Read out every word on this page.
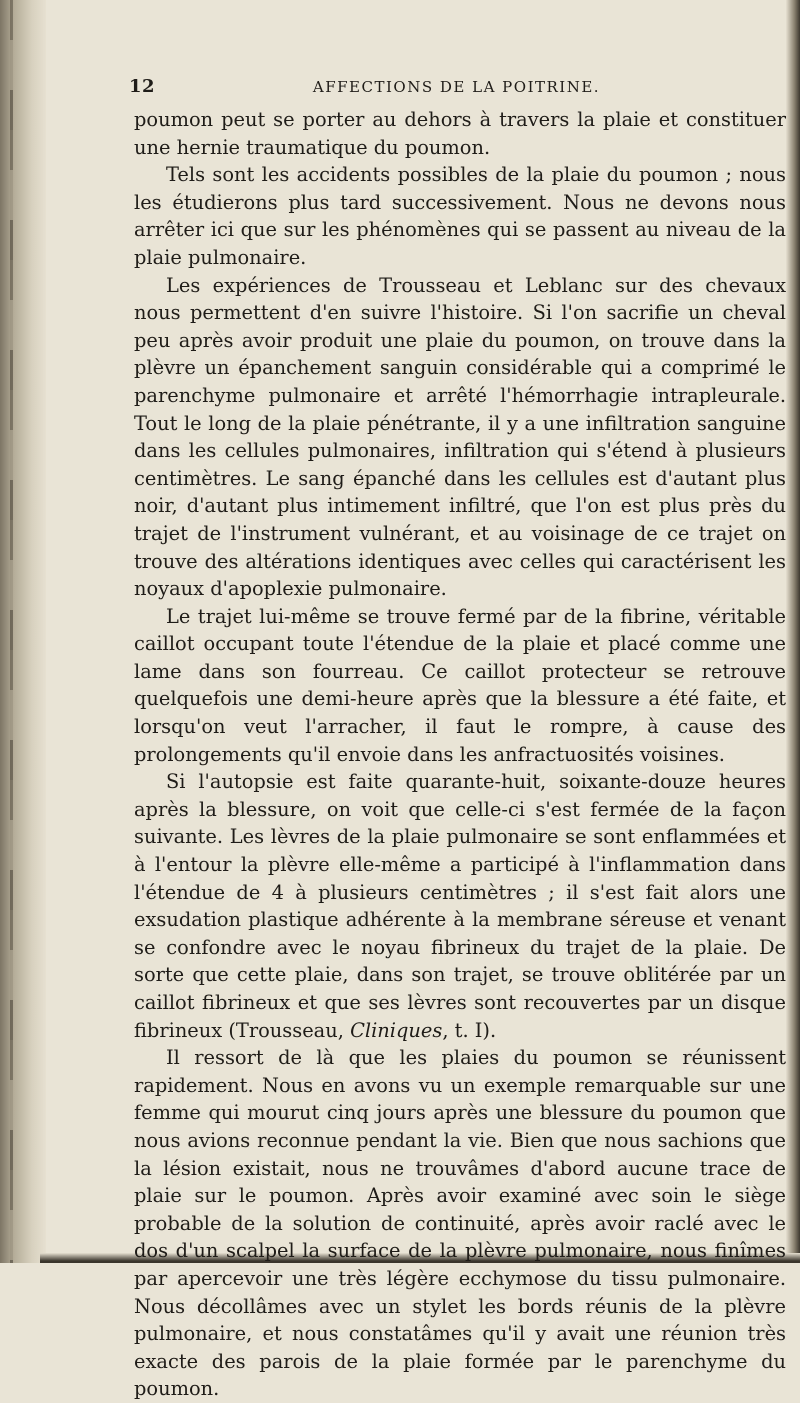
12	AFFECTIONS DE LA POITRINE.

poumon peut se porter au dehors à travers la plaie et constituer une hernie traumatique du poumon.

Tels sont les accidents possibles de la plaie du poumon ; nous les étudierons plus tard successivement. Nous ne devons nous arrêter ici que sur les phénomènes qui se passent au niveau de la plaie pulmonaire.

Les expériences de Trousseau et Leblanc sur des chevaux nous permettent d'en suivre l'histoire. Si l'on sacrifie un cheval peu après avoir produit une plaie du poumon, on trouve dans la plèvre un épanchement sanguin considérable qui a comprimé le parenchyme pulmonaire et arrêté l'hémorrhagie intrapleurale. Tout le long de la plaie pénétrante, il y a une infiltration sanguine dans les cellules pulmonaires, infiltration qui s'étend à plusieurs centimètres. Le sang épanché dans les cellules est d'autant plus noir, d'autant plus intimement infiltré, que l'on est plus près du trajet de l'instrument vulnérant, et au voisinage de ce trajet on trouve des altérations identiques avec celles qui caractérisent les noyaux d'apoplexie pulmonaire.

Le trajet lui-même se trouve fermé par de la fibrine, véritable caillot occupant toute l'étendue de la plaie et placé comme une lame dans son fourreau. Ce caillot protecteur se retrouve quelquefois une demi-heure après que la blessure a été faite, et lorsqu'on veut l'arracher, il faut le rompre, à cause des prolongements qu'il envoie dans les anfractuosités voisines.

Si l'autopsie est faite quarante-huit, soixante-douze heures après la blessure, on voit que celle-ci s'est fermée de la façon suivante. Les lèvres de la plaie pulmonaire se sont enflammées et à l'entour la plèvre elle-même a participé à l'inflammation dans l'étendue de 4 à plusieurs centimètres ; il s'est fait alors une exsudation plastique adhérente à la membrane séreuse et venant se confondre avec le noyau fibrineux du trajet de la plaie. De sorte que cette plaie, dans son trajet, se trouve oblitérée par un caillot fibrineux et que ses lèvres sont recouvertes par un disque fibrineux (Trousseau, Cliniques, t. I).

Il ressort de là que les plaies du poumon se réunissent rapidement. Nous en avons vu un exemple remarquable sur une femme qui mourut cinq jours après une blessure du poumon que nous avions reconnue pendant la vie. Bien que nous sachions que la lésion existait, nous ne trouvâmes d'abord aucune trace de plaie sur le poumon. Après avoir examiné avec soin le siège probable de la solution de continuité, après avoir raclé avec le dos d'un scalpel la surface de la plèvre pulmonaire, nous finîmes par apercevoir une très légère ecchymose du tissu pulmonaire. Nous décollâmes avec un stylet les bords réunis de la plèvre pulmonaire, et nous constatâmes qu'il y avait une réunion très exacte des parois de la plaie formée par le parenchyme du poumon.
